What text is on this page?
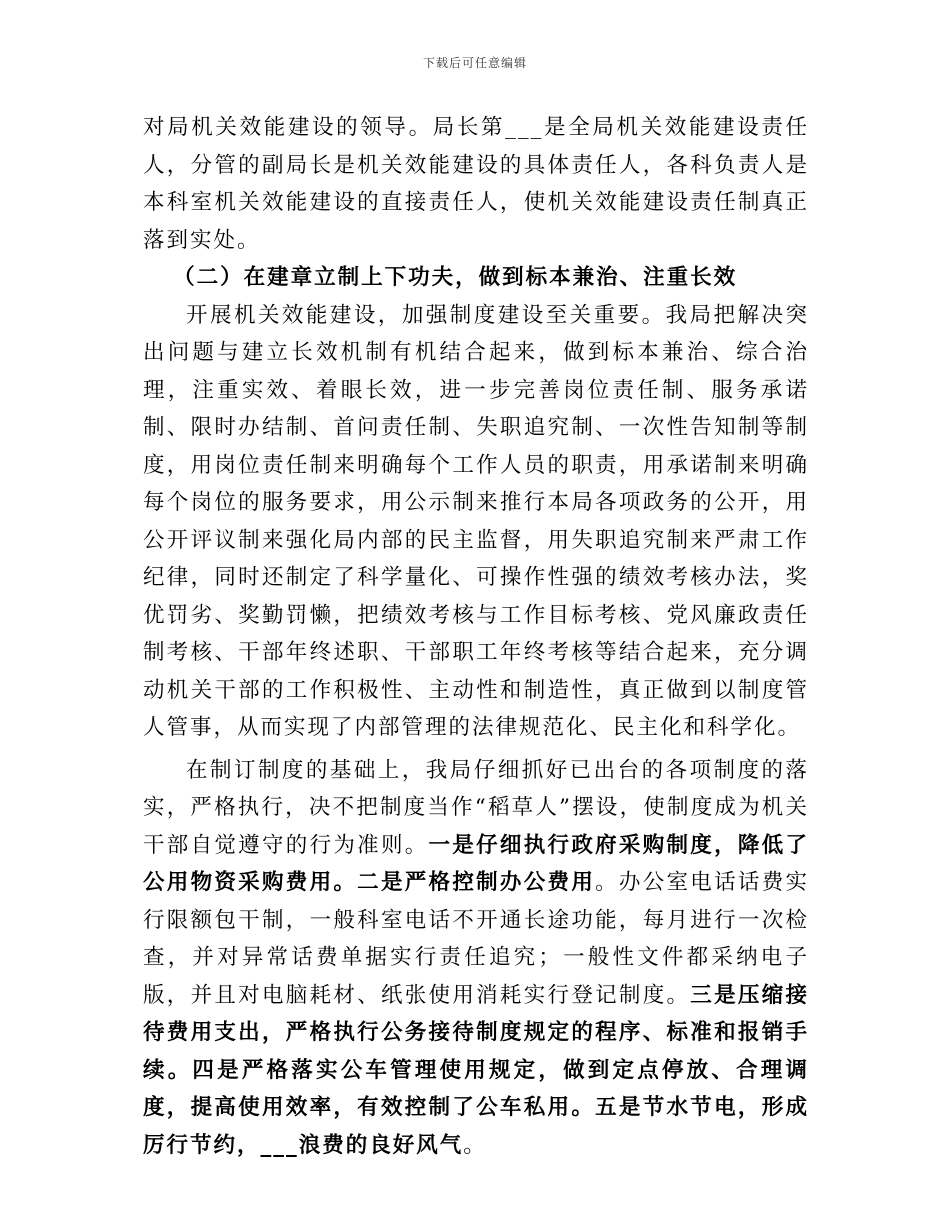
下载后可任意编辑

对局机关效能建设的领导。局长第___是全局机关效能建设责任人，分管的副局长是机关效能建设的具体责任人，各科负责人是本科室机关效能建设的直接责任人，使机关效能建设责任制真正落到实处。

（二）在建章立制上下功夫，做到标本兼治、注重长效

开展机关效能建设，加强制度建设至关重要。我局把解决突出问题与建立长效机制有机结合起来，做到标本兼治、综合治理，注重实效、着眼长效，进一步完善岗位责任制、服务承诺制、限时办结制、首问责任制、失职追究制、一次性告知制等制度，用岗位责任制来明确每个工作人员的职责，用承诺制来明确每个岗位的服务要求，用公示制来推行本局各项政务的公开，用公开评议制来强化局内部的民主监督，用失职追究制来严肃工作纪律，同时还制定了科学量化、可操作性强的绩效考核办法，奖优罚劣、奖勤罚懒，把绩效考核与工作目标考核、党风廉政责任制考核、干部年终述职、干部职工年终考核等结合起来，充分调动机关干部的工作积极性、主动性和制造性，真正做到以制度管人管事，从而实现了内部管理的法律规范化、民主化和科学化。

在制订制度的基础上，我局仔细抓好已出台的各项制度的落实，严格执行，决不把制度当作“稻草人”摆设，使制度成为机关干部自觉遵守的行为准则。一是仔细执行政府采购制度，降低了公用物资采购费用。二是严格控制办公费用。办公室电话话费实行限额包干制，一般科室电话不开通长途功能，每月进行一次检查，并对异常话费单据实行责任追究；一般性文件都采纳电子版，并且对电脑耗材、纸张使用消耗实行登记制度。三是压缩接待费用支出，严格执行公务接待制度规定的程序、标准和报销手续。四是严格落实公车管理使用规定，做到定点停放、合理调度，提高使用效率，有效控制了公车私用。五是节水节电，形成厉行节约，___浪费的良好风气。
